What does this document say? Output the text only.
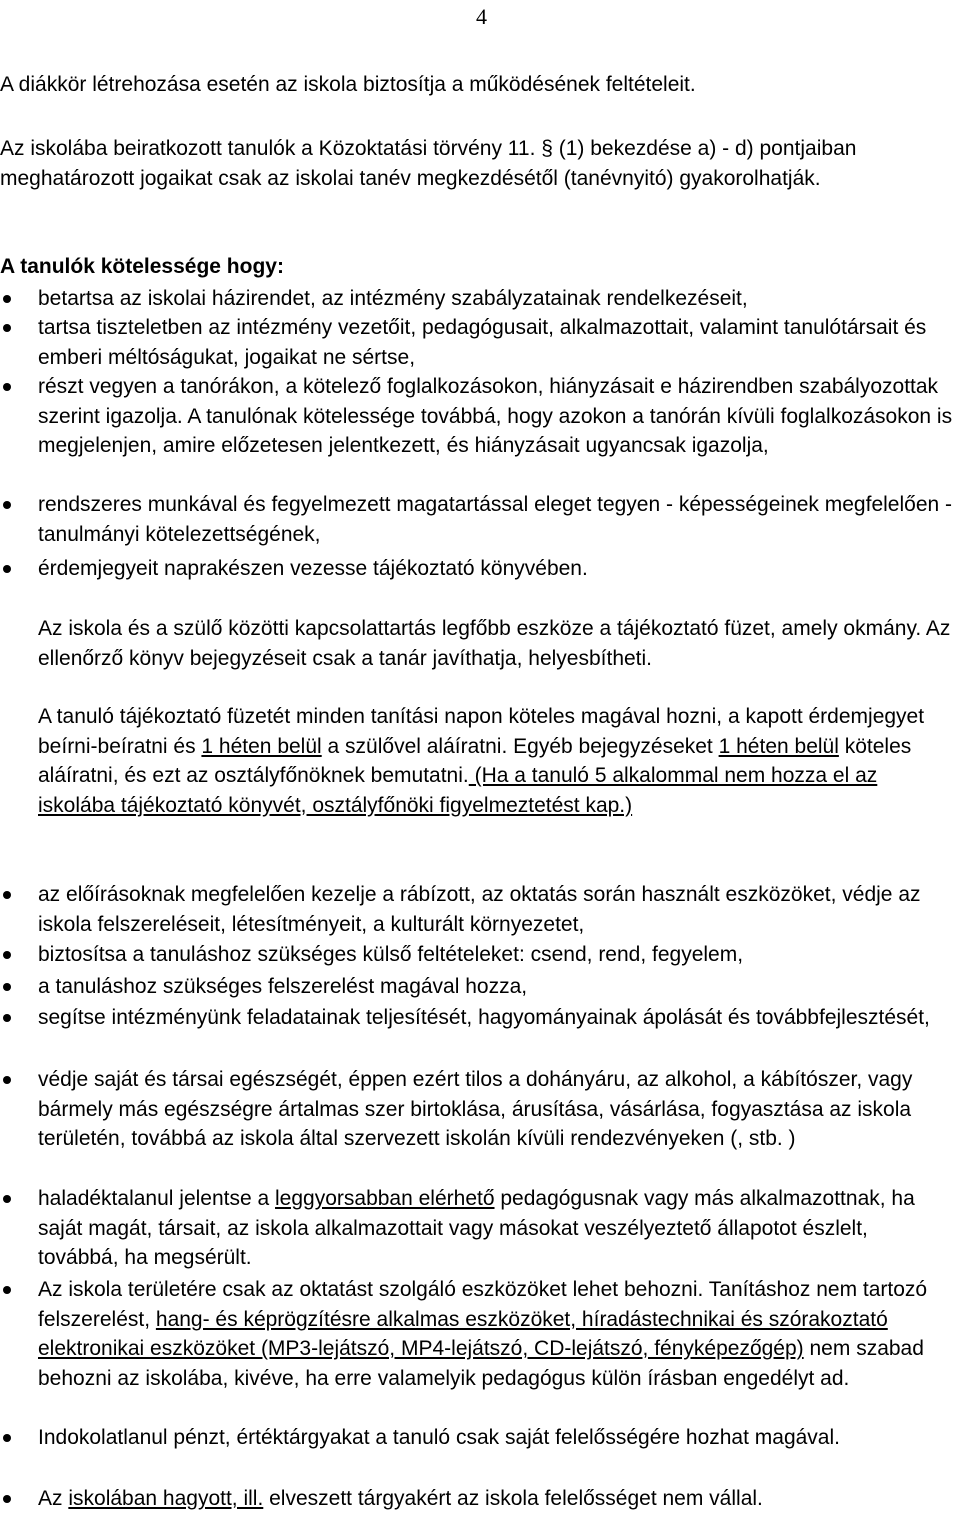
4

A diákkör létrehozása esetén az iskola biztosítja a működésének feltételeit.

Az iskolába beiratkozott tanulók a Közoktatási törvény 11. § (1) bekezdése a) - d) pontjaiban meghatározott jogaikat csak az iskolai tanév megkezdésétől (tanévnyitó) gyakorolhatják.

A tanulók kötelessége hogy:

betartsa az iskolai házirendet, az intézmény szabályzatainak rendelkezéseit,
tartsa tiszteletben az intézmény vezetőit, pedagógusait, alkalmazottait, valamint tanulótársait és emberi méltóságukat, jogaikat ne sértse,
részt vegyen a tanórákon, a kötelező foglalkozásokon, hiányzásait e házirendben szabályozottak szerint igazolja. A tanulónak kötelessége továbbá, hogy azokon a tanórán kívüli foglalkozásokon is megjelenjen, amire előzetesen jelentkezett, és hiányzásait ugyancsak igazolja,
rendszeres munkával és fegyelmezett magatartással eleget tegyen - képességeinek megfelelően - tanulmányi kötelezettségének,
érdemjegyeit naprakészen vezesse tájékoztató könyvében.

Az iskola és a szülő közötti kapcsolattartás legfőbb eszköze a tájékoztató füzet, amely okmány. Az ellenőrző könyv bejegyzéseit csak a tanár javíthatja, helyesbítheti.

A tanuló tájékoztató füzetét minden tanítási napon köteles magával hozni, a kapott érdemjegyet beírni-beíratni és 1 héten belül a szülővel aláíratni. Egyéb bejegyzéseket 1 héten belül köteles aláíratni, és ezt az osztályfőnöknek bemutatni. (Ha a tanuló 5 alkalommal nem hozza el az iskolába tájékoztató könyvét, osztályfőnöki figyelmeztetést kap.)

az előírásoknak megfelelően kezelje a rábízott, az oktatás során használt eszközöket, védje az iskola felszereléseit, létesítményeit, a kulturált környezetet,
biztosítsa a tanuláshoz szükséges külső feltételeket: csend, rend, fegyelem,
a tanuláshoz szükséges felszerelést magával hozza,
segítse intézményünk feladatainak teljesítését, hagyományainak ápolását és továbbfejlesztését,
védje saját és társai egészségét, éppen ezért tilos a dohányáru, az alkohol, a kábítószer, vagy bármely más egészségre ártalmas szer birtoklása, árusítása, vásárlása, fogyasztása az iskola területén, továbbá az iskola által szervezett iskolán kívüli rendezvényeken (, stb. )
haladéktalanul jelentse a leggyorsabban elérhető pedagógusnak vagy más alkalmazottnak, ha saját magát, társait, az iskola alkalmazottait vagy másokat veszélyeztető állapotot észlelt, továbbá, ha megsérült.
Az iskola területére csak az oktatást szolgáló eszközöket lehet behozni. Tanításhoz nem tartozó felszerelést, hang- és képrögzítésre alkalmas eszközöket, híradástechnikai és szórakoztató elektronikai eszközöket (MP3-lejátszó, MP4-lejátszó, CD-lejátszó, fényképezőgép) nem szabad behozni az iskolába, kivéve, ha erre valamelyik pedagógus külön írásban engedélyt ad.
Indokolatlanul pénzt, értéktárgyakat a tanuló csak saját felelősségére hozhat magával.
Az iskolában hagyott, ill. elveszett tárgyakért az iskola felelősséget nem vállal.
